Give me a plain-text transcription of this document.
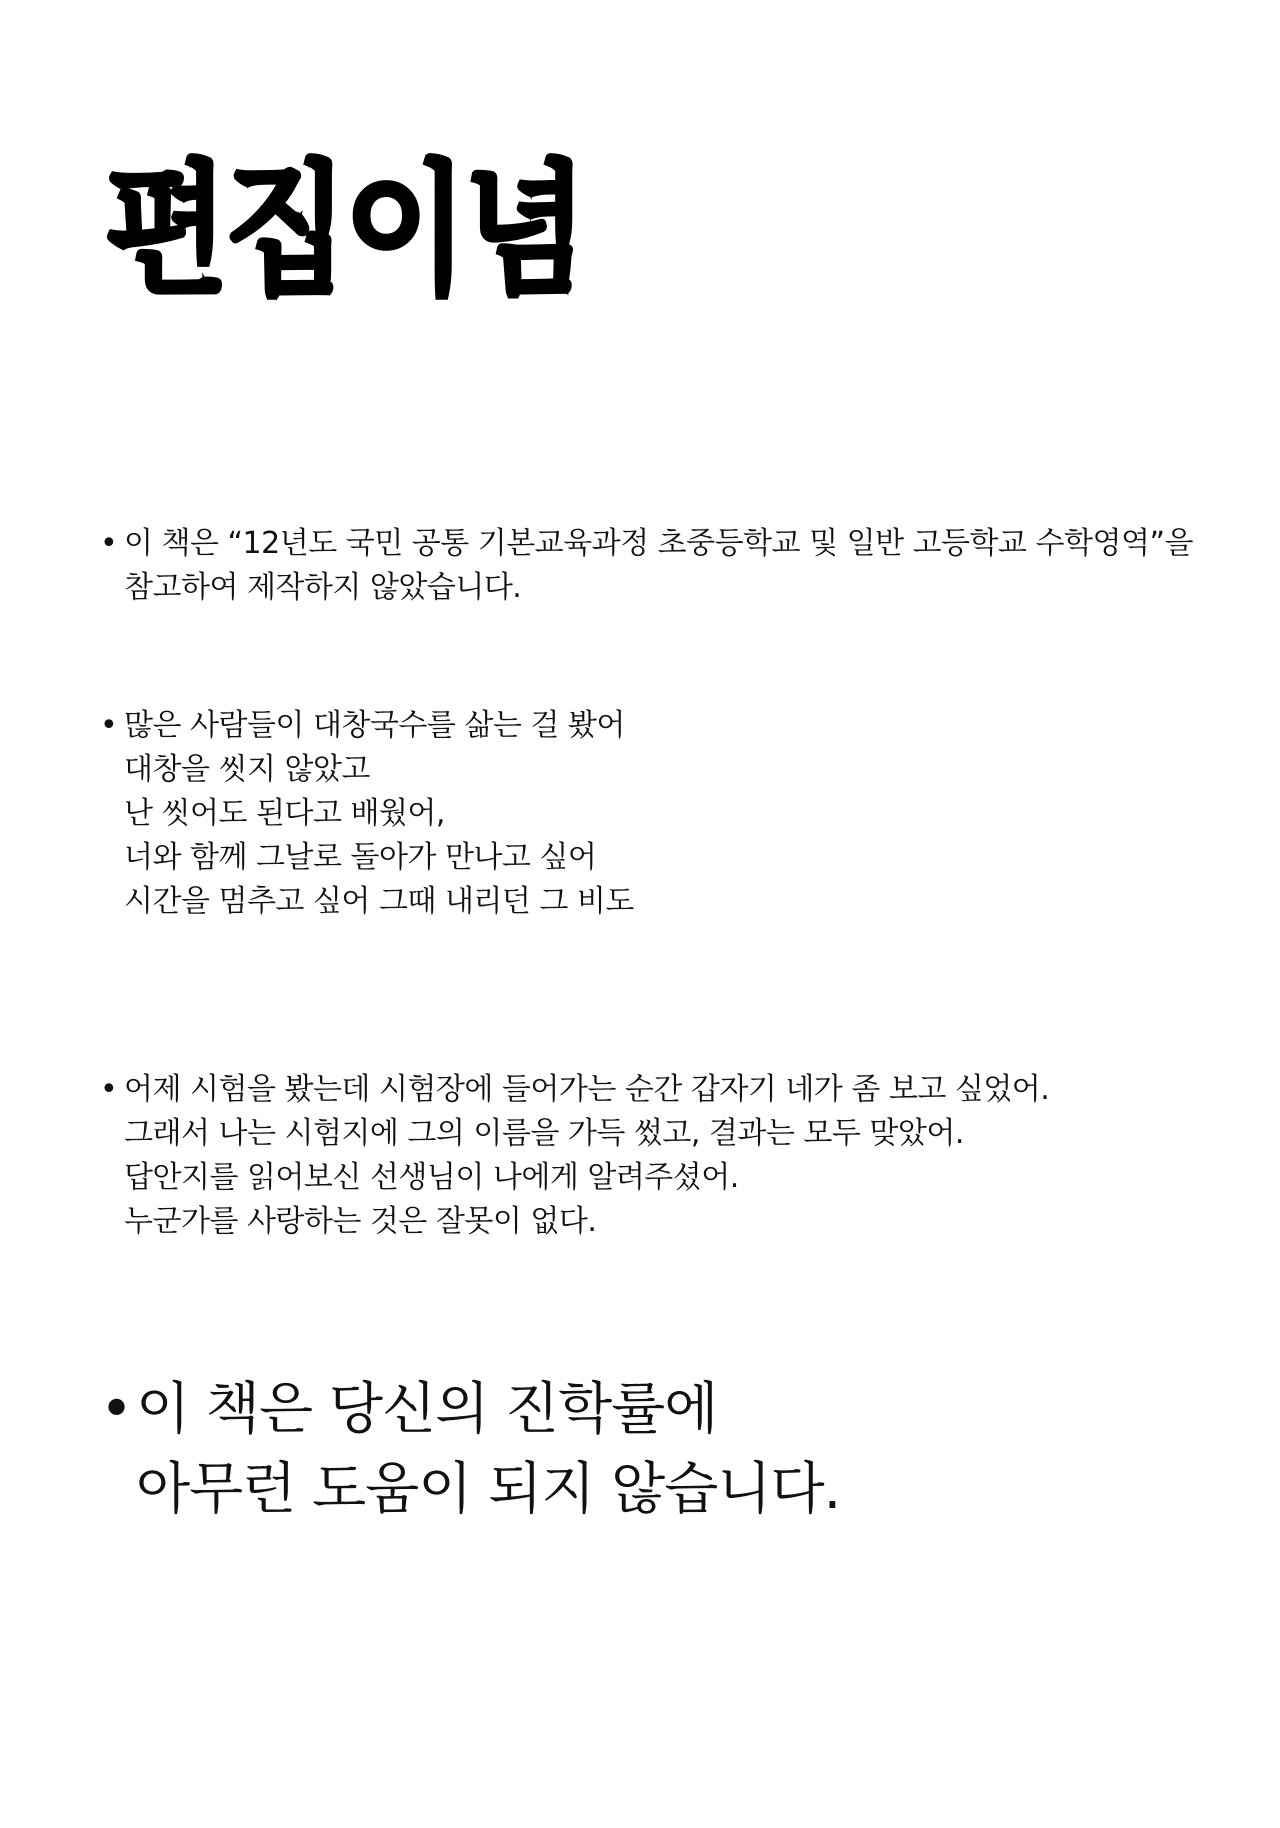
편집이념
• 이 책은 “12년도 국민 공통 기본교육과정 초중등학교 및 일반 고등학교 수학영역”을
참고하여 제작하지 않았습니다.
• 많은 사람들이 대창국수를 삶는 걸 봤어
대창을 씻지 않았고
난 씻어도 된다고 배웠어,
너와 함께 그날로 돌아가 만나고 싶어
시간을 멈추고 싶어 그때 내리던 그 비도
• 어제 시험을 봤는데 시험장에 들어가는 순간 갑자기 네가 좀 보고 싶었어.
그래서 나는 시험지에 그의 이름을 가득 썼고, 결과는 모두 맞았어.
답안지를 읽어보신 선생님이 나에게 알려주셨어.
누군가를 사랑하는 것은 잘못이 없다.
• 이 책은 당신의 진학률에
아무런 도움이 되지 않습니다.
